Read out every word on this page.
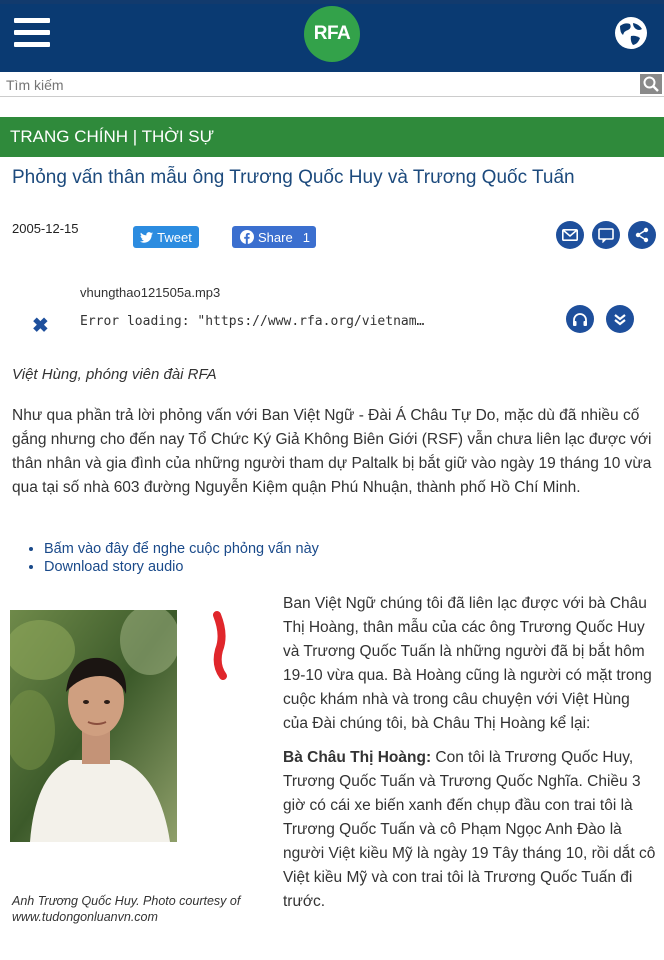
RFA
Tìm kiếm
TRANG CHÍNH | THỜI SỰ
Phỏng vấn thân mẫu ông Trương Quốc Huy và Trương Quốc Tuấn
2005-12-15
Tweet	Share 1
vhungthao121505a.mp3
✖ Error loading: "https://www.rfa.org/vietnam…
Việt Hùng, phóng viên đài RFA
Như qua phần trả lời phỏng vấn với Ban Việt Ngữ - Đài Á Châu Tự Do, mặc dù đã nhiều cố gắng nhưng cho đến nay Tổ Chức Ký Giả Không Biên Giới (RSF) vẫn chưa liên lạc được với thân nhân và gia đình của những người tham dự Paltalk bị bắt giữ vào ngày 19 tháng 10 vừa qua tại số nhà 603 đường Nguyễn Kiệm quận Phú Nhuận, thành phố Hồ Chí Minh.
• Bấm vào đây để nghe cuộc phỏng vấn này
• Download story audio
Anh Trương Quốc Huy. Photo courtesy of www.tudongonluanvn.com

Ban Việt Ngữ chúng tôi đã liên lạc được với bà Châu Thị Hoàng, thân mẫu của các ông Trương Quốc Huy và Trương Quốc Tuấn là những người đã bị bắt hôm 19-10 vừa qua. Bà Hoàng cũng là người có mặt trong cuộc khám nhà và trong câu chuyện với Việt Hùng của Đài chúng tôi, bà Châu Thị Hoàng kể lại:

Bà Châu Thị Hoàng: Con tôi là Trương Quốc Huy, Trương Quốc Tuấn và Trương Quốc Nghĩa. Chiều 3 giờ có cái xe biến xanh đến chụp đầu con trai tôi là Trương Quốc Tuấn và cô Phạm Ngọc Anh Đào là người Việt kiều Mỹ là ngày 19 Tây tháng 10, rồi dắt cô Việt kiều Mỹ và con trai tôi là Trương Quốc Tuấn đi trước.
